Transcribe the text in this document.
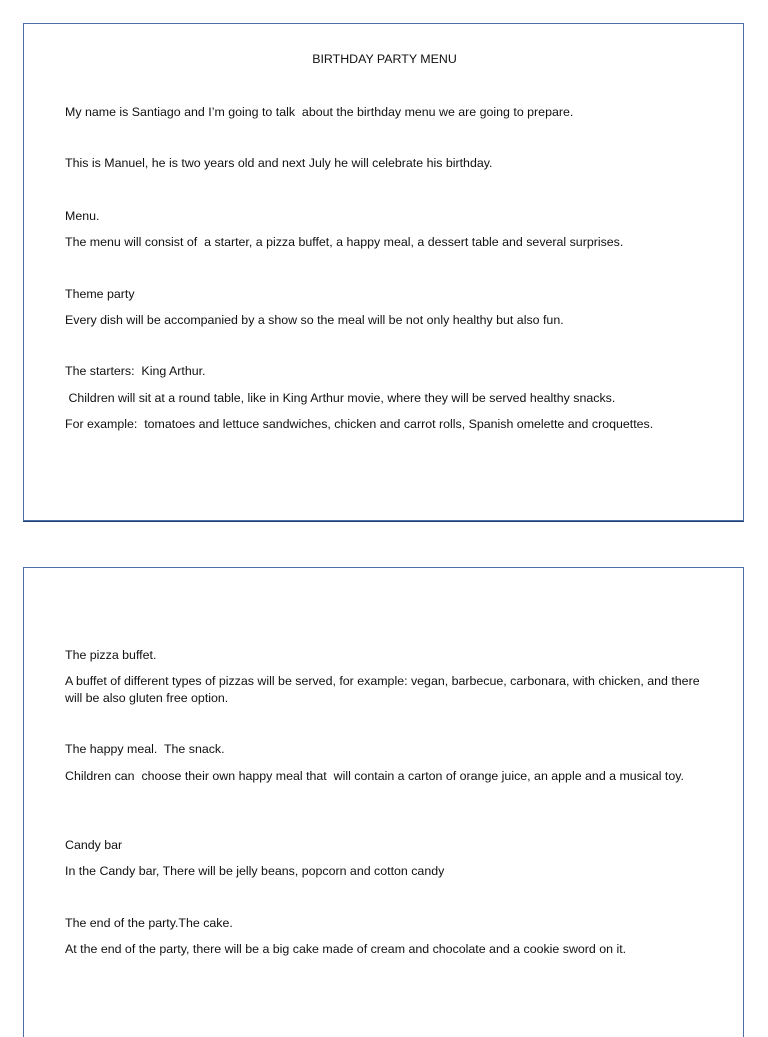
BIRTHDAY PARTY MENU

My name is Santiago and I’m going to talk  about the birthday menu we are going to prepare.

This is Manuel, he is two years old and next July he will celebrate his birthday.

Menu.

The menu will consist of  a starter, a pizza buffet, a happy meal, a dessert table and several surprises.

Theme party

Every dish will be accompanied by a show so the meal will be not only healthy but also fun.

The starters:  King Arthur.

Children will sit at a round table, like in King Arthur movie, where they will be served healthy snacks.

For example:  tomatoes and lettuce sandwiches, chicken and carrot rolls, Spanish omelette and croquettes.

The pizza buffet.

A buffet of different types of pizzas will be served, for example: vegan, barbecue, carbonara, with chicken, and there will be also gluten free option.

The happy meal.  The snack.

Children can  choose their own happy meal that  will contain a carton of orange juice, an apple and a musical toy.

Candy bar

In the Candy bar, There will be jelly beans, popcorn and cotton candy

The end of the party.The cake.

At the end of the party, there will be a big cake made of cream and chocolate and a cookie sword on it.
